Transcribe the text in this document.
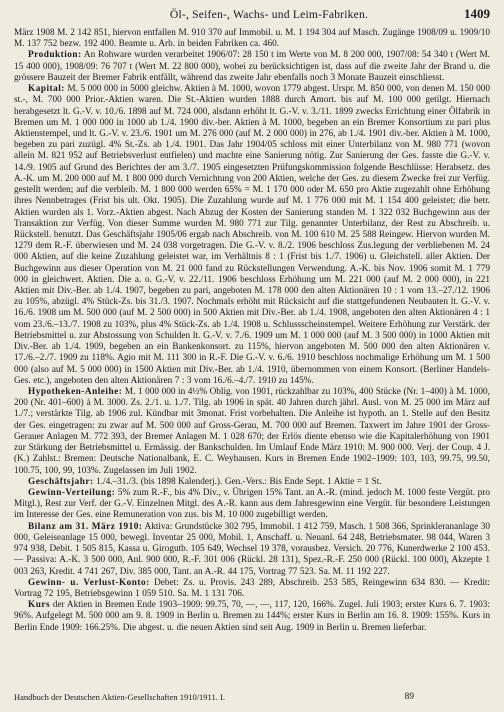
Öl-, Seifen-, Wachs- und Leim-Fabriken.	1409

März 1908 M. 2 142 851, hiervon entfallen M. 910 370 auf Immobil. u. M. 1 194 304 auf Masch. Zugänge 1908/09 u. 1909/10 M. 137 752 bezw. 192 400. Beamte u. Arb. in beiden Fabriken ca. 460.

Produktion: An Rohware wurden verarbeitet 1906/07: 28 150 t im Werte von M. 8 200 000, 1907/08: 54 340 t (Wert M. 15 400 000), 1908/09: 76 707 t (Wert M. 22 800 000), wobei zu berücksichtigen ist, dass auf die zweite Jahr der Brand u. die grössere Bauzeit der Bremer Fabrik entfällt, während das zweite Jahr ebenfalls noch 3 Monate Bauzeit einschliesst.

Kapital: M. 5 000 000 in 5000 gleichw. Aktien à M. 1000, wovon 1779 abgest. Urspr. M. 850 000, von denen M. 150 000 st.-, M. 700 000 Prior.-Aktien waren. Die St.-Aktien wurden 1888 durch Amort. bis auf M. 100 000 getilgt. Hiernach herabgesetzt lt. G.-V. v. 10./6. 1898 auf M. 724 000, alsdann erhöht lt. G.-V. v. 3./11. 1899 zwecks Errichtung einer Ölfabrik in Bremen um M. 1 000 000 in 1000 ab 1./4. 1900 div.-ber. Aktien à M. 1000, begeben an ein Bremer Konsortium zu pari plus Aktienstempel, und lt. G.-V. v. 23./6. 1901 um M. 276 000 (auf M. 2 000 000) in 276, ab 1./4. 1901 div.-ber. Aktien à M. 1000, begeben zu pari zuzügl. 4% St.-Zs. ab 1./4. 1901. Das Jahr 1904/05 schloss mit einer Unterbilanz von M. 980 771 (wovon allein M. 821 952 auf Betriebsverlust entfielen) und machte eine Sanierung nötig. Zur Sanierung der Ges. fasste die G.-V. v. 14./9. 1905 auf Grund des Berichtes der am 3./7. 1905 eingesetzten Prüfungskommission folgende Beschlüsse: Herabsetz. des A.-K. um M. 200 000 auf M. 1 800 000 durch Vernichtung von 200 Aktien, welche der Ges. zu diesem Zwecke frei zur Verfüg. gestellt werden; auf die verbleib. M. 1 800 000 werden 65% = M. 1 170 000 oder M. 650 pro Aktie zugezahlt ohne Erhöhung ihres Nennbetrages (Frist bis ult. Okt. 1905). Die Zuzahlung wurde auf M. 1 776 000 mit M. 1 154 400 geleistet; die betr. Aktien wurden als 1. Vorz.-Aktien abgest. Nach Abzug der Kosten der Sanierung standen M. 1 322 032 Buchgewinn aus der Transaktion zur Verfüg. Von dieser Summe wurden M. 980 771 zur Tilg. genannter Unterbilanz, der Rest zu Abschreib. u. Rückstell. benutzt. Das Geschäftsjahr 1905/06 ergab nach Abschreib. von M. 100 610 M. 25 588 Reingew. Hiervon wurden M. 1279 dem R.-F. überwiesen und M. 24 038 vorgetragen. Die G.-V. v. 8./2. 1906 beschloss Zus.legung der verbliebenen M. 24 000 Aktien, auf die keine Zuzahlung geleistet war, im Verhältnis 8 : 1 (Frist bis 1./7. 1906) u. Gleichstell. aller Aktien. Der Buchgewinn aus dieser Operation von M. 21 000 fand zu Rückstellungen Verwendung. A.-K. bis Nov. 1906 somit M. 1 779 000 in gleichwert. Aktien. Die a. o. G.-V. v. 22./11. 1906 beschloss Erhöhung um M. 221 000 (auf M. 2 000 000), in 221 Aktien mit Div.-Ber. ab 1./4. 1907, begeben zu pari, angeboten M. 178 000 den alten Aktionären 10 : 1 vom 13.–27./12. 1906 zu 105%, abzügl. 4% Stück-Zs. bis 31./3. 1907. Nochmals erhöht mit Rücksicht auf die stattgefundenen Neubauten lt. G.-V. v. 16./6. 1908 um M. 500 000 (auf M. 2 500 000) in 500 Aktien mit Div.-Ber. ab 1./4. 1908, angeboten den alten Aktionären 4 : 1 vom 23./6.–13./7. 1908 zu 103%, plus 4% Stück-Zs. ab 1./4. 1908 u. Schlussscheinstempel. Weitere Erhöhung zur Verstärk. der Betriebsmittel u. zur Abstossung von Schulden lt. G.-V. v. 7./6. 1909 um M. 1 000 000 (auf M. 3 500 000) in 1000 Aktien mit Div.-Ber. ab 1./4. 1909, begeben an ein Bankenkonsort. zu 115%, hiervon angeboten M. 500 000 den alten Aktionären v. 17./6.–2./7. 1909 zu 118%. Agio mit M. 111 300 in R.-F. Die G.-V. v. 6./6. 1910 beschloss nochmalige Erhöhung um M. 1 500 000 (also auf M. 5 000 000) in 1500 Aktien mit Div.-Ber. ab 1./4. 1910, übernommen von einem Konsort. (Berliner Handels-Ges. etc.), angeboten den alten Aktionären 7 : 3 vom 16./6.–4./7. 1910 zu 145%.

Hypotheken-Anleihe: M. 1 000 000 in 4½% Oblig. von 1901, rückzahlbar zu 103%, 400 Stücke (Nr. 1–400) à M. 1000, 200 (Nr. 401–600) à M. 3000. Zs. 2./1. u. 1./7. Tilg. ab 1906 in spät. 40 Jahren durch jährl. Ausl. von M. 25 000 im März auf 1./7.; verstärkte Tilg. ab 1906 zul. Kündbar mit 3monat. Frist vorbehalten. Die Anleihe ist hypoth. an 1. Stelle auf den Besitz der Ges. eingetragen: zu zwar auf M. 500 000 auf Gross-Gerau, M. 700 000 auf Bremen. Taxwert im Jahre 1901 der Gross-Gerauer Anlagen M. 772 393, der Bremer Anlagen M. 1 028 670; der Erlös diente ebenso wie die Kapitalerhöhung von 1901 zur Stärkung der Betriebsmittel u. Ermässig. der Bankschulden. Im Umlauf Ende März 1910: M. 900 000. Verj. der Coup. 4 J. (K.) Zahlst.: Bremen: Deutsche Nationalbank, E. C. Weyhausen. Kurs in Bremen Ende 1902–1909: 103, 103, 99.75, 99.50, 100.75, 100, 99, 103%. Zugelassen im Juli 1902.

Geschäftsjahr: 1./4.–31./3. (bis 1898 Kalenderj.). Gen.-Vers.: Bis Ende Sept. 1 Aktie = 1 St.

Gewinn-Verteilung: 5% zum R.-F., bis 4% Div., v. Übrigen 15% Tant. an A.-R. (mind. jedoch M. 1000 feste Vergüt. pro Mitgl.), Rest zur Verf. der G.-V. Einzelnen Mitgl. des A.-R. kann aus dem Jahresgewinn eine Vergüt. für besondere Leistungen im Interesse der Ges. eine Remuneration von zus. bis M. 10 000 zugebilligt werden.

Bilanz am 31. März 1910: Aktiva: Grundstücke 302 795, Immobil. 1 412 759, Masch. 1 508 366, Sprinklerananlage 30 000, Geleiseanlage 15 000, bewegl. Inventar 25 000, Mobil. 1, Anschaff. u. Neuanl. 64 248, Betriebsmater. 98 044, Waren 3 974 938, Debit. 1 505 815, Kassa u. Girogutb. 105 649, Wechsel 19 378, vorausbez. Versich. 20 776, Kunerdwerke 2 100 453. — Passiva: A.-K. 3 500 000, Anl. 900 000, R.-F. 301 006 (Rückl. 28 131), Spez.-R.-F. 250 000 (Rückl. 100 000), Akzepte 1 003 263, Kredit. 4 741 267, Div. 385 000, Tant. an A.-R. 44 175, Vortrag 77 523. Sa. M. 11 192 227.

Gewinn- u. Verlust-Konto: Debet: Zs. u. Provis. 243 289, Abschreib. 253 585, Reingewinn 634 830. — Kredit: Vortrag 72 195, Betriebsgewinn 1 059 510. Sa. M. 1 131 706.

Kurs der Aktien in Bremen Ende 1903–1909: 99.75, 70, —, —, 117, 120, 166%. Zugel. Juli 1903; erster Kurs 6. 7. 1903: 96%. Aufgelegt M. 500 000 am 9. 8. 1909 in Berlin u. Bremen zu 144%; erster Kurs in Berlin am 16. 8. 1909: 155%. Kurs in Berlin Ende 1909: 166.25%. Die abgest. u. die neuen Aktien sind seit Aug. 1909 in Berlin u. Bremen lieferbar.

Handbuch der Deutschen Aktien-Gesellschaften 1910/1911. I.	89
